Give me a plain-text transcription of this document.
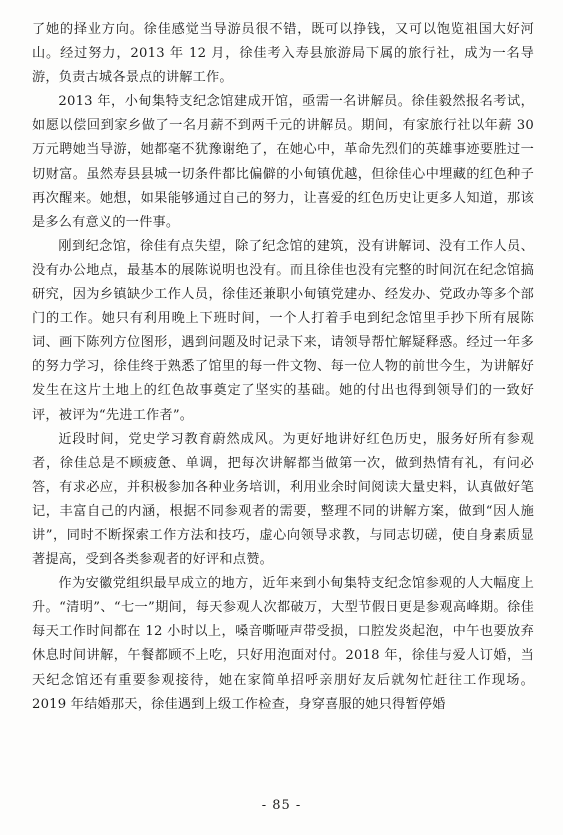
了她的择业方向。徐佳感觉当导游员很不错，既可以挣钱，又可以饱览祖国大好河山。经过努力，2013 年 12 月，徐佳考入寿县旅游局下属的旅行社，成为一名导游，负责古城各景点的讲解工作。

2013 年，小甸集特支纪念馆建成开馆，亟需一名讲解员。徐佳毅然报名考试，如愿以偿回到家乡做了一名月薪不到两千元的讲解员。期间，有家旅行社以年薪 30 万元聘她当导游，她都毫不犹豫谢绝了，在她心中，革命先烈们的英雄事迹要胜过一切财富。虽然寿县县城一切条件都比偏僻的小甸镇优越，但徐佳心中埋藏的红色种子再次醒来。她想，如果能够通过自己的努力，让喜爱的红色历史让更多人知道，那该是多么有意义的一件事。

刚到纪念馆，徐佳有点失望，除了纪念馆的建筑，没有讲解词、没有工作人员、没有办公地点，最基本的展陈说明也没有。而且徐佳也没有完整的时间沉在纪念馆搞研究，因为乡镇缺少工作人员，徐佳还兼职小甸镇党建办、经发办、党政办等多个部门的工作。她只有利用晚上下班时间，一个人打着手电到纪念馆里手抄下所有展陈词、画下陈列方位图形，遇到问题及时记录下来，请领导帮忙解疑释惑。经过一年多的努力学习，徐佳终于熟悉了馆里的每一件文物、每一位人物的前世今生，为讲解好发生在这片土地上的红色故事奠定了坚实的基础。她的付出也得到领导们的一致好评，被评为“先进工作者”。

近段时间，党史学习教育蔚然成风。为更好地讲好红色历史，服务好所有参观者，徐佳总是不顾疲惫、单调，把每次讲解都当做第一次，做到热情有礼，有问必答，有求必应，并积极参加各种业务培训，利用业余时间阅读大量史料，认真做好笔记，丰富自己的内涵，根据不同参观者的需要，整理不同的讲解方案，做到“因人施讲”，同时不断探索工作方法和技巧，虚心向领导求教，与同志切磋，使自身素质显著提高，受到各类参观者的好评和点赞。

作为安徽党组织最早成立的地方，近年来到小甸集特支纪念馆参观的人大幅度上升。“清明”、“七一”期间，每天参观人次都破万，大型节假日更是参观高峰期。徐佳每天工作时间都在 12 小时以上，嗓音嘶哑声带受损，口腔发炎起泡，中午也要放弃休息时间讲解，午餐都顾不上吃，只好用泡面对付。2018 年，徐佳与爱人订婚，当天纪念馆还有重要参观接待，她在家简单招呼亲朋好友后就匆忙赶往工作现场。2019 年结婚那天，徐佳遇到上级工作检查，身穿喜服的她只得暂停婚

- 85 -
